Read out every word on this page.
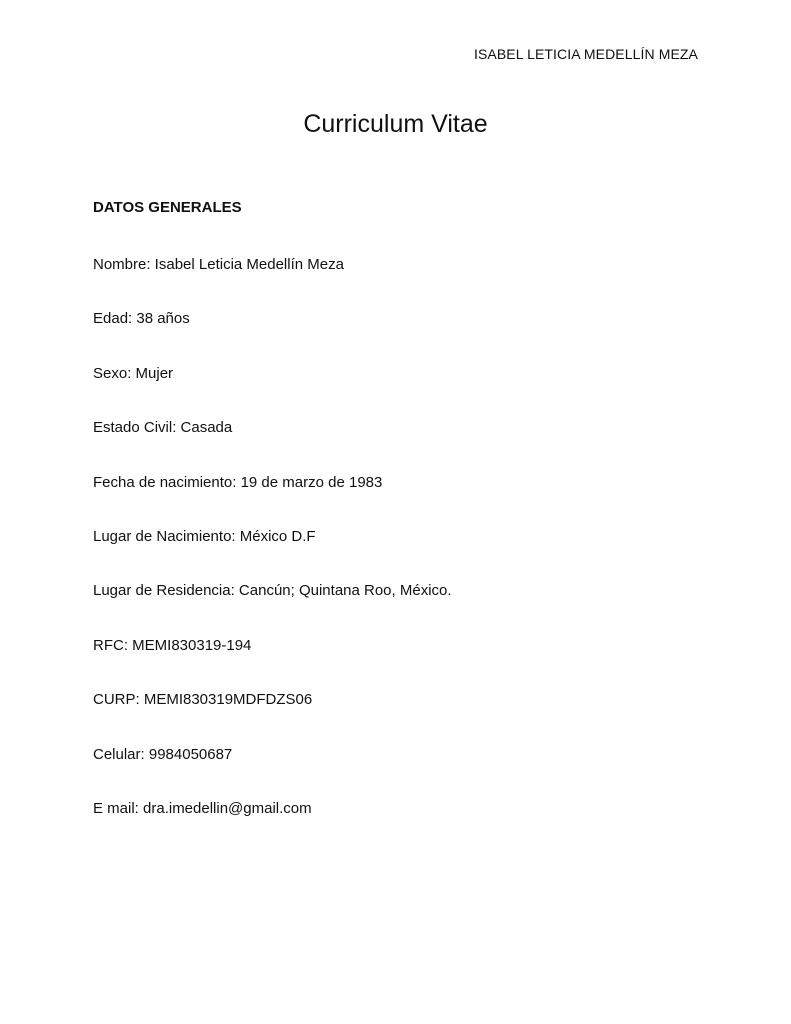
ISABEL LETICIA MEDELLÍN MEZA
Curriculum Vitae
DATOS GENERALES
Nombre: Isabel Leticia Medellín Meza
Edad: 38 años
Sexo: Mujer
Estado Civil: Casada
Fecha de nacimiento: 19 de marzo de 1983
Lugar de Nacimiento: México D.F
Lugar de Residencia: Cancún; Quintana Roo, México.
RFC: MEMI830319-194
CURP: MEMI830319MDFDZS06
Celular: 9984050687
E mail: dra.imedellin@gmail.com
